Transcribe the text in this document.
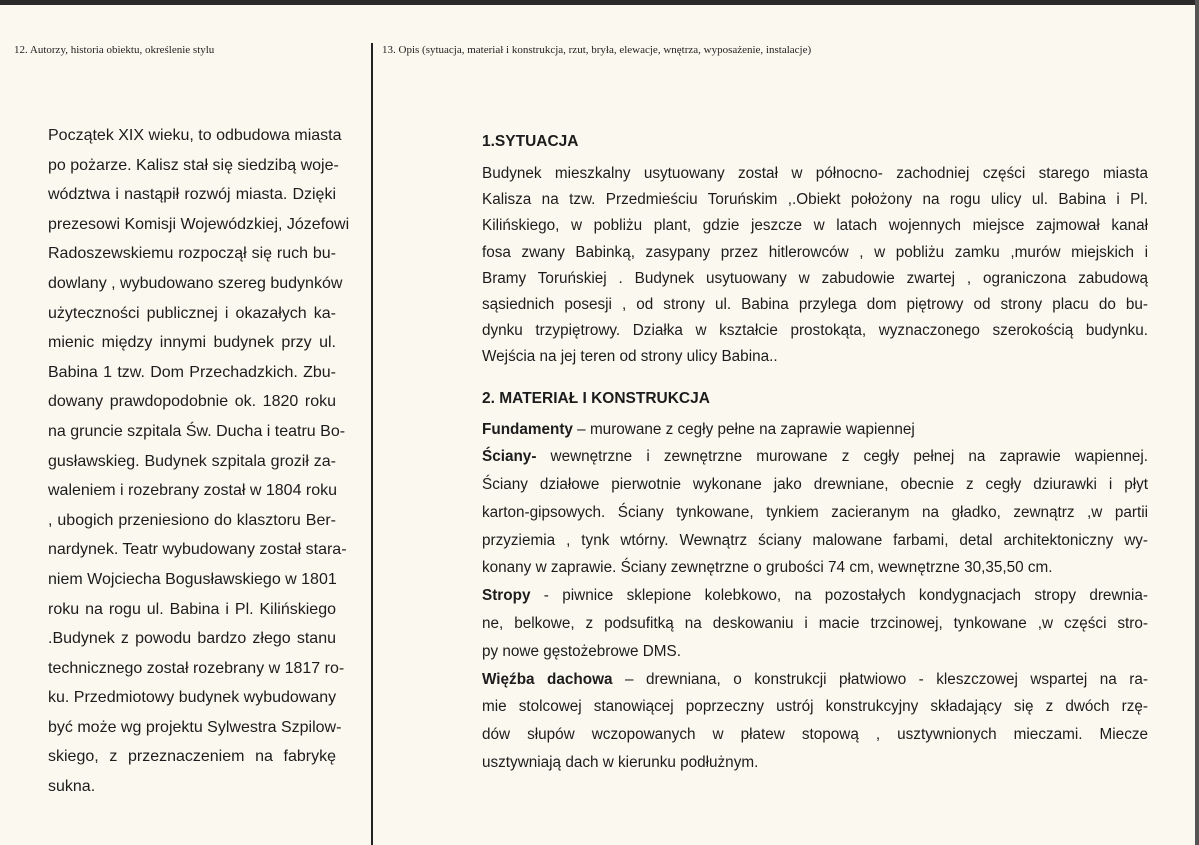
12. Autorzy, historia obiektu, określenie stylu	13. Opis (sytuacja, materiał i konstrukcja, rzut, bryła, elewacje, wnętrza, wyposażenie, instalacje)
Początek XIX wieku, to odbudowa miasta
po pożarze. Kalisz stał się siedzibą woje-
wództwa i nastąpił rozwój miasta. Dzięki
prezesowi Komisji Wojewódzkiej, Józefowi
Radoszewskiemu rozpoczął się ruch bu-
dowlany , wybudowano szereg budynków
użyteczności publicznej i okazałych ka-
mienic między innymi budynek przy ul.
Babina 1 tzw. Dom Przechadzkich. Zbu-
dowany prawdopodobnie ok. 1820 roku
na gruncie szpitala Św. Ducha i teatru Bo-
gusławskieg. Budynek szpitala groził za-
waleniem i rozebrany został w 1804 roku
, ubogich przeniesiono do klasztoru Ber-
nardynek. Teatr wybudowany został stara-
niem Wojciecha Bogusławskiego w 1801
roku na rogu ul. Babina i Pl. Kilińskiego
.Budynek z powodu bardzo złego stanu
technicznego został rozebrany w 1817 ro-
ku. Przedmiotowy budynek wybudowany
być może wg projektu Sylwestra Szpilow-
skiego, z przeznaczeniem na fabrykę
sukna.
1.SYTUACJA
Budynek mieszkalny usytuowany został w północno- zachodniej części starego miasta
Kalisza na tzw. Przedmieściu Toruńskim ,.Obiekt położony na rogu ulicy ul. Babina i Pl.
Kilińskiego, w pobliżu plant, gdzie jeszcze w latach wojennych miejsce zajmował kanał
fosa zwany Babinką, zasypany przez hitlerowców , w pobliżu zamku ,murów miejskich i
Bramy Toruńskiej . Budynek usytuowany w zabudowie zwartej , ograniczona zabudową
sąsiednich posesji , od strony ul. Babina przylega dom piętrowy od strony placu do bu-
dynku trzypiętrowy. Działka w kształcie prostokąta, wyznaczonego szerokością budynku.
Wejścia na jej teren od strony ulicy Babina..
2. MATERIAŁ I KONSTRUKCJA
Fundamenty – murowane z cegły pełne na zaprawie wapiennej
Ściany- wewnętrzne i zewnętrzne murowane z cegły pełnej na zaprawie wapiennej.
Ściany działowe pierwotnie wykonane jako drewniane, obecnie z cegły dziurawki i płyt
karton-gipsowych. Ściany tynkowane, tynkiem zacieranym na gładko, zewnątrz ,w partii
przyziemia , tynk wtórny. Wewnątrz ściany malowane farbami, detal architektoniczny wy-
konany w zaprawie. Ściany zewnętrzne o grubości 74 cm, wewnętrzne 30,35,50 cm.
Stropy - piwnice sklepione kolebkowo, na pozostałych kondygnacjach stropy drewnia-
ne, belkowe, z podsufitką na deskowaniu i macie trzcinowej, tynkowane ,w części stro-
py nowe gęstożebrowe DMS.
Więźba dachowa – drewniana, o konstrukcji płatwiowo - kleszczowej wspartej na ra-
mie stolcowej stanowiącej poprzeczny ustrój konstrukcyjny składający się z dwóch rzę-
dów słupów wczopowanych w płatew stopową , usztywnionych mieczami. Miecze
usztywniają dach w kierunku podłużnym.
